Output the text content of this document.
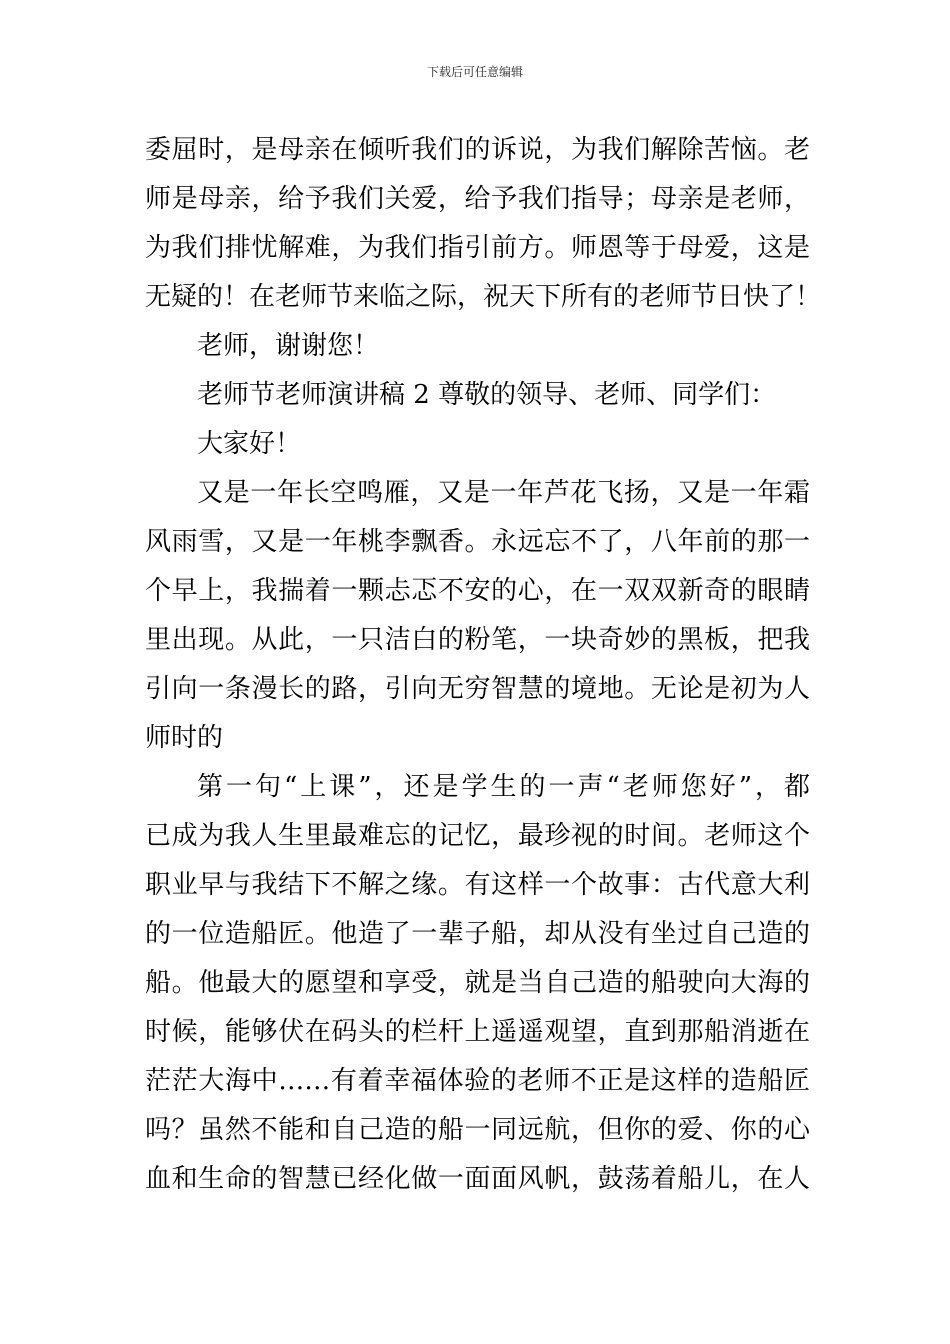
下载后可任意编辑
委屈时，是母亲在倾听我们的诉说，为我们解除苦恼。老
师是母亲，给予我们关爱，给予我们指导；母亲是老师，
为我们排忧解难，为我们指引前方。师恩等于母爱，这是
无疑的！在老师节来临之际，祝天下所有的老师节日快了！
老师，谢谢您！
老师节老师演讲稿 2 尊敬的领导、老师、同学们：
大家好！
又是一年长空鸣雁，又是一年芦花飞扬，又是一年霜
风雨雪，又是一年桃李飘香。永远忘不了，八年前的那一
个早上，我揣着一颗忐忑不安的心，在一双双新奇的眼睛
里出现。从此，一只洁白的粉笔，一块奇妙的黑板，把我
引向一条漫长的路，引向无穷智慧的境地。无论是初为人
师时的
第一句“上课”，还是学生的一声“老师您好”，都
已成为我人生里最难忘的记忆，最珍视的时间。老师这个
职业早与我结下不解之缘。有这样一个故事：古代意大利
的一位造船匠。他造了一辈子船，却从没有坐过自己造的
船。他最大的愿望和享受，就是当自己造的船驶向大海的
时候，能够伏在码头的栏杆上遥遥观望，直到那船消逝在
茫茫大海中……有着幸福体验的老师不正是这样的造船匠
吗？虽然不能和自己造的船一同远航，但你的爱、你的心
血和生命的智慧已经化做一面面风帆，鼓荡着船儿，在人
